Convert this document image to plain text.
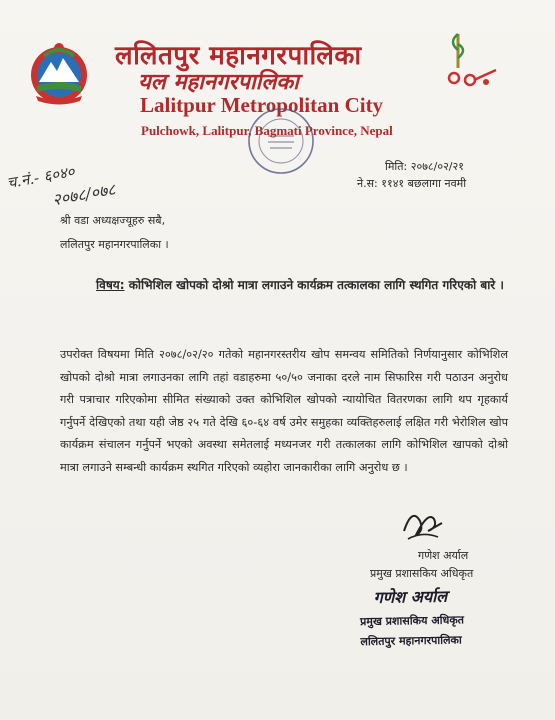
ललितपुर महानगरपालिका
यल महानगरपालिका
Lalitpur Metropolitan City
Pulchowk, Lalitpur, Bagmati Province, Nepal
च.नं.- ६०४०
२०७८/०७८
मिति: २०७८/०२/२१
ने.स: ११४१ बछलागा नवमी
श्री वडा अध्यक्षज्यूहरु सबै,
ललितपुर महानगरपालिका ।
विषय: कोभिशिल खोपको दोश्रो मात्रा लगाउने कार्यक्रम तत्कालका लागि स्थगित गरिएको बारे ।
उपरोक्त विषयमा मिति २०७८/०२/२० गतेको महानगरस्तरीय खोप समन्वय समितिको निर्णयानुसार कोभिशिल खोपको दोश्रो मात्रा लगाउनका लागि तहां वडाहरुमा ५०/५० जनाका दरले नाम सिफारिस गरी पठाउन अनुरोध गरी पत्राचार गरिएकोमा सीमित संख्याको उक्त कोभिशिल खोपको न्यायोचित वितरणका लागि थप गृहकार्य गर्नुपर्ने देखिएको तथा यही जेष्ठ २५ गते देखि ६०-६४ वर्ष उमेर समुहका व्यक्तिहरुलाई लक्षित गरी भेरोशिल खोप कार्यक्रम संचालन गर्नुपर्ने भएको अवस्था समेतलाई मध्यनजर गरी तत्कालका लागि कोभिशिल खापको दोश्रो मात्रा लगाउने सम्बन्धी कार्यक्रम स्थगित गरिएको व्यहोरा जानकारीका लागि अनुरोध छ ।
गणेश अर्याल
प्रमुख प्रशासकिय अधिकृत
गणेश अर्याल
प्रमुख प्रशासकिय अधिकृत
ललितपुर महानगरपालिका
